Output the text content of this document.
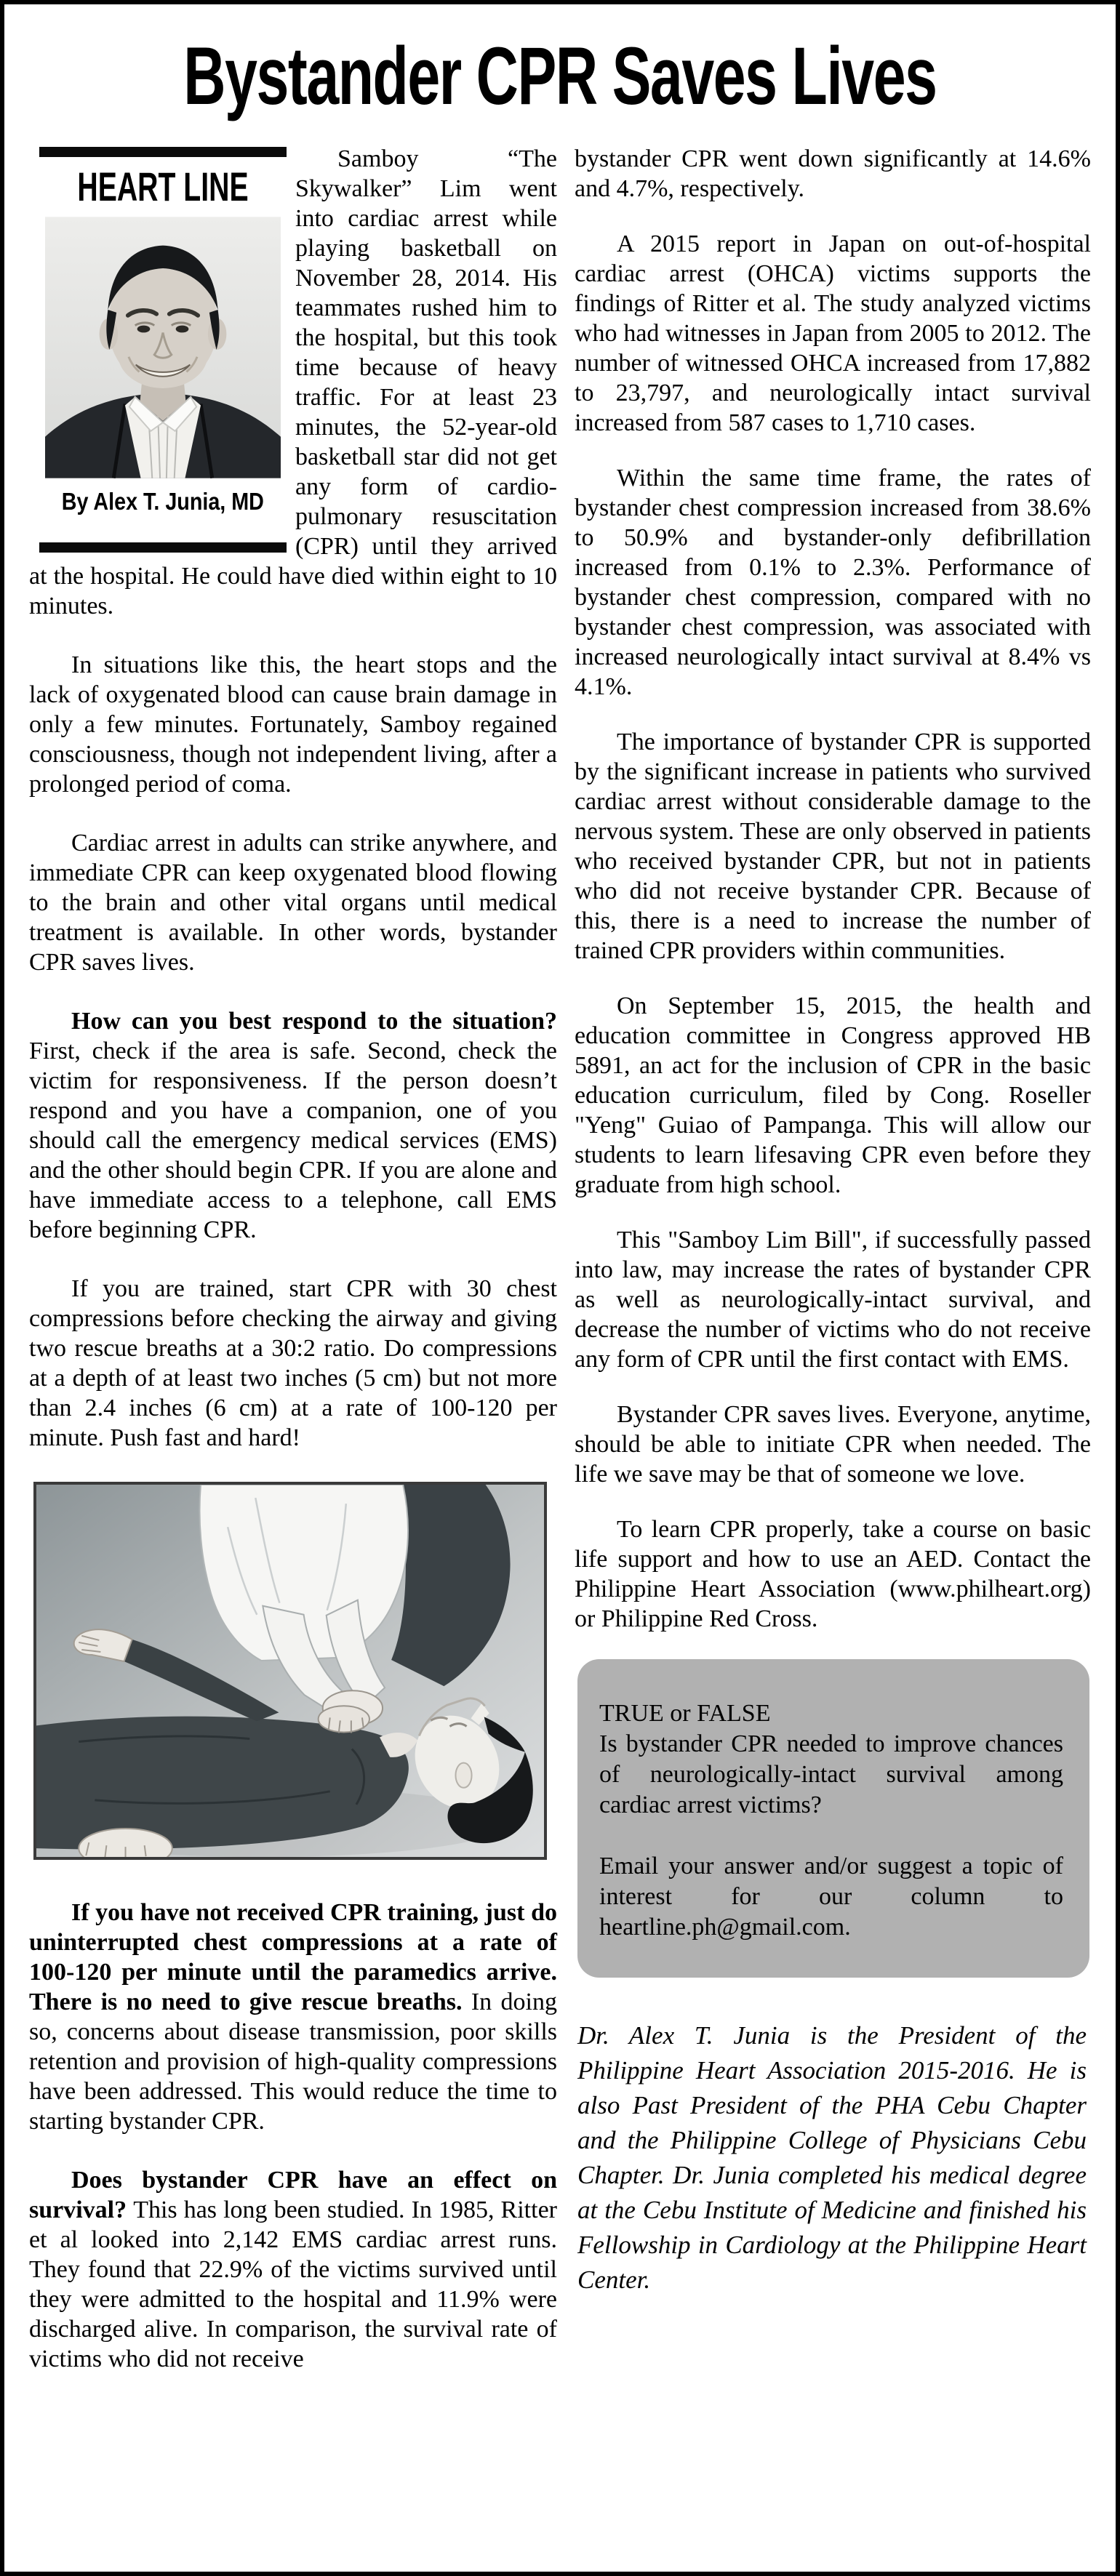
Bystander CPR Saves Lives
HEART LINE
By Alex T. Junia, MD

Samboy “The Skywalker” Lim went into cardiac arrest while playing basketball on November 28, 2014. His teammates rushed him to the hospital, but this took time because of heavy traffic. For at least 23 minutes, the 52-year-old basketball star did not get any form of cardio-pulmonary resuscitation (CPR) until they arrived at the hospital. He could have died within eight to 10 minutes.

In situations like this, the heart stops and the lack of oxygenated blood can cause brain damage in only a few minutes. Fortunately, Samboy regained consciousness, though not independent living, after a prolonged period of coma.

Cardiac arrest in adults can strike anywhere, and immediate CPR can keep oxygenated blood flowing to the brain and other vital organs until medical treatment is available. In other words, bystander CPR saves lives.

How can you best respond to the situation? First, check if the area is safe. Second, check the victim for responsiveness. If the person doesn’t respond and you have a companion, one of you should call the emergency medical services (EMS) and the other should begin CPR. If you are alone and have immediate access to a telephone, call EMS before beginning CPR.

If you are trained, start CPR with 30 chest compressions before checking the airway and giving two rescue breaths at a 30:2 ratio. Do compressions at a depth of at least two inches (5 cm) but not more than 2.4 inches (6 cm) at a rate of 100-120 per minute. Push fast and hard!

If you have not received CPR training, just do uninterrupted chest compressions at a rate of 100-120 per minute until the paramedics arrive. There is no need to give rescue breaths. In doing so, concerns about disease transmission, poor skills retention and provision of high-quality compressions have been addressed. This would reduce the time to starting bystander CPR.

Does bystander CPR have an effect on survival? This has long been studied. In 1985, Ritter et al looked into 2,142 EMS cardiac arrest runs. They found that 22.9% of the victims survived until they were admitted to the hospital and 11.9% were discharged alive. In comparison, the survival rate of victims who did not receive

bystander CPR went down significantly at 14.6% and 4.7%, respectively.

A 2015 report in Japan on out-of-hospital cardiac arrest (OHCA) victims supports the findings of Ritter et al. The study analyzed victims who had witnesses in Japan from 2005 to 2012. The number of witnessed OHCA increased from 17,882 to 23,797, and neurologically intact survival increased from 587 cases to 1,710 cases.

Within the same time frame, the rates of bystander chest compression increased from 38.6% to 50.9% and bystander-only defibrillation increased from 0.1% to 2.3%. Performance of bystander chest compression, compared with no bystander chest compression, was associated with increased neurologically intact survival at 8.4% vs 4.1%.

The importance of bystander CPR is supported by the significant increase in patients who survived cardiac arrest without considerable damage to the nervous system. These are only observed in patients who received bystander CPR, but not in patients who did not receive bystander CPR. Because of this, there is a need to increase the number of trained CPR providers within communities.

On September 15, 2015, the health and education committee in Congress approved HB 5891, an act for the inclusion of CPR in the basic education curriculum, filed by Cong. Roseller "Yeng" Guiao of Pampanga. This will allow our students to learn lifesaving CPR even before they graduate from high school.

This "Samboy Lim Bill", if successfully passed into law, may increase the rates of bystander CPR as well as neurologically-intact survival, and decrease the number of victims who do not receive any form of CPR until the first contact with EMS.

Bystander CPR saves lives. Everyone, anytime, should be able to initiate CPR when needed. The life we save may be that of someone we love.

To learn CPR properly, take a course on basic life support and how to use an AED. Contact the Philippine Heart Association (www.philheart.org) or Philippine Red Cross.

TRUE or FALSE

Is bystander CPR needed to improve chances of neurologically-intact survival among cardiac arrest victims?

Email your answer and/or suggest a topic of interest for our column to heartline.ph@gmail.com.

Dr. Alex T. Junia is the President of the Philippine Heart Association 2015-2016. He is also Past President of the PHA Cebu Chapter and the Philippine College of Physicians Cebu Chapter. Dr. Junia completed his medical degree at the Cebu Institute of Medicine and finished his Fellowship in Cardiology at the Philippine Heart Center.
